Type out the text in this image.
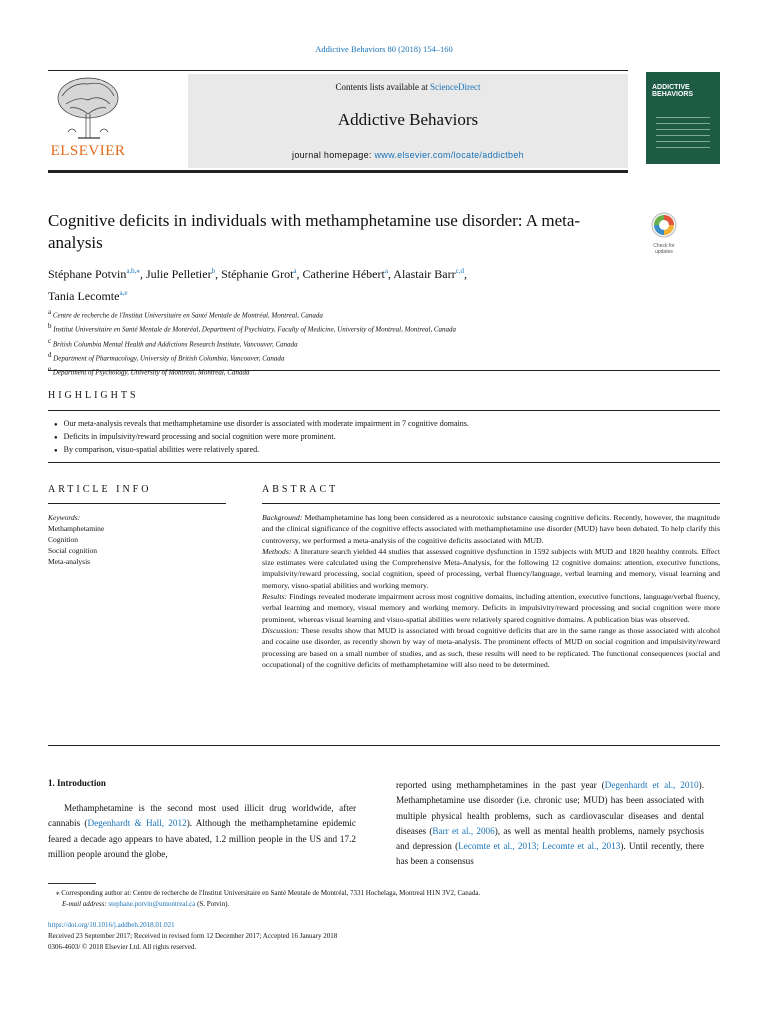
Addictive Behaviors 80 (2018) 154–160
ELSEVIER
Contents lists available at ScienceDirect
Addictive Behaviors
journal homepage: www.elsevier.com/locate/addictbeh
ADDICTIVE
BEHAVIORS
Cognitive deficits in individuals with methamphetamine use disorder: A meta-analysis	Check for
updates
Stéphane Potvin$^{a,b,⁎}$, Julie Pelletier$^b$, Stéphanie Grot$^a$, Catherine Hébert$^a$, Alastair Barr$^{c,d}$,
Tania Lecomte$^{a,e}$
$^a$ Centre de recherche de l'Institut Universitaire en Santé Mentale de Montréal, Montreal, Canada
$^b$ Institut Universitaire en Santé Mentale de Montréal, Department of Psychiatry, Faculty of Medicine, University of Montreal, Montreal, Canada
$^c$ British Columbia Mental Health and Addictions Research Institute, Vancouver, Canada
$^d$ Department of Pharmacology, University of British Columbia, Vancouver, Canada
$^e$ Department of Psychology, University of Montreal, Montreal, Canada
HIGHLIGHTS
● Our meta-analysis reveals that methamphetamine use disorder is associated with moderate impairment in 7 cognitive domains.
● Deficits in impulsivity/reward processing and social cognition were more prominent.
● By comparison, visuo-spatial abilities were relatively spared.
ARTICLE INFO	ABSTRACT
Keywords:
Methamphetamine
Cognition
Social cognition
Meta-analysis
Background: Methamphetamine has long been considered as a neurotoxic substance causing cognitive deficits. Recently, however, the magnitude and the clinical significance of the cognitive effects associated with methamphetamine use disorder (MUD) have been debated. To help clarify this controversy, we performed a meta-analysis of the cognitive deficits associated with MUD.
Methods: A literature search yielded 44 studies that assessed cognitive dysfunction in 1592 subjects with MUD and 1820 healthy controls. Effect size estimates were calculated using the Comprehensive Meta-Analysis, for the following 12 cognitive domains: attention, executive functions, impulsivity/reward processing, social cognition, speed of processing, verbal fluency/language, verbal learning and memory, visual learning and memory, visuo-spatial abilities and working memory.
Results: Findings revealed moderate impairment across most cognitive domains, including attention, executive functions, language/verbal fluency, verbal learning and memory, visual memory and working memory. Deficits in impulsivity/reward processing and social cognition were more prominent, whereas visual learning and visuo-spatial abilities were relatively spared cognitive domains. A publication bias was observed.
Discussion: These results show that MUD is associated with broad cognitive deficits that are in the same range as those associated with alcohol and cocaine use disorder, as recently shown by way of meta-analysis. The prominent effects of MUD on social cognition and impulsivity/reward processing are based on a small number of studies, and as such, these results will need to be replicated. The functional consequences (social and occupational) of the cognitive deficits of methamphetamine will also need to be determined.
1. Introduction
Methamphetamine is the second most used illicit drug worldwide, after cannabis (Degenhardt & Hall, 2012). Although the methamphetamine epidemic feared a decade ago appears to have abated, 1.2 million people in the US and 17.2 million people around the globe,
reported using methamphetamines in the past year (Degenhardt et al., 2010). Methamphetamine use disorder (i.e. chronic use; MUD) has been associated with multiple physical health problems, such as cardiovascular diseases and dental diseases (Barr et al., 2006), as well as mental health problems, namely psychosis and depression (Lecomte et al., 2013; Lecomte et al., 2013). Until recently, there has been a consensus
⁎ Corresponding author at: Centre de recherche de l'Institut Universitaire en Santé Mentale de Montréal, 7331 Hochelaga, Montreal H1N 3V2, Canada.
E-mail address: stephane.potvin@umontreal.ca (S. Potvin).
https://doi.org/10.1016/j.addbeh.2018.01.021
Received 23 September 2017; Received in revised form 12 December 2017; Accepted 16 January 2018
0306-4603/ © 2018 Elsevier Ltd. All rights reserved.
